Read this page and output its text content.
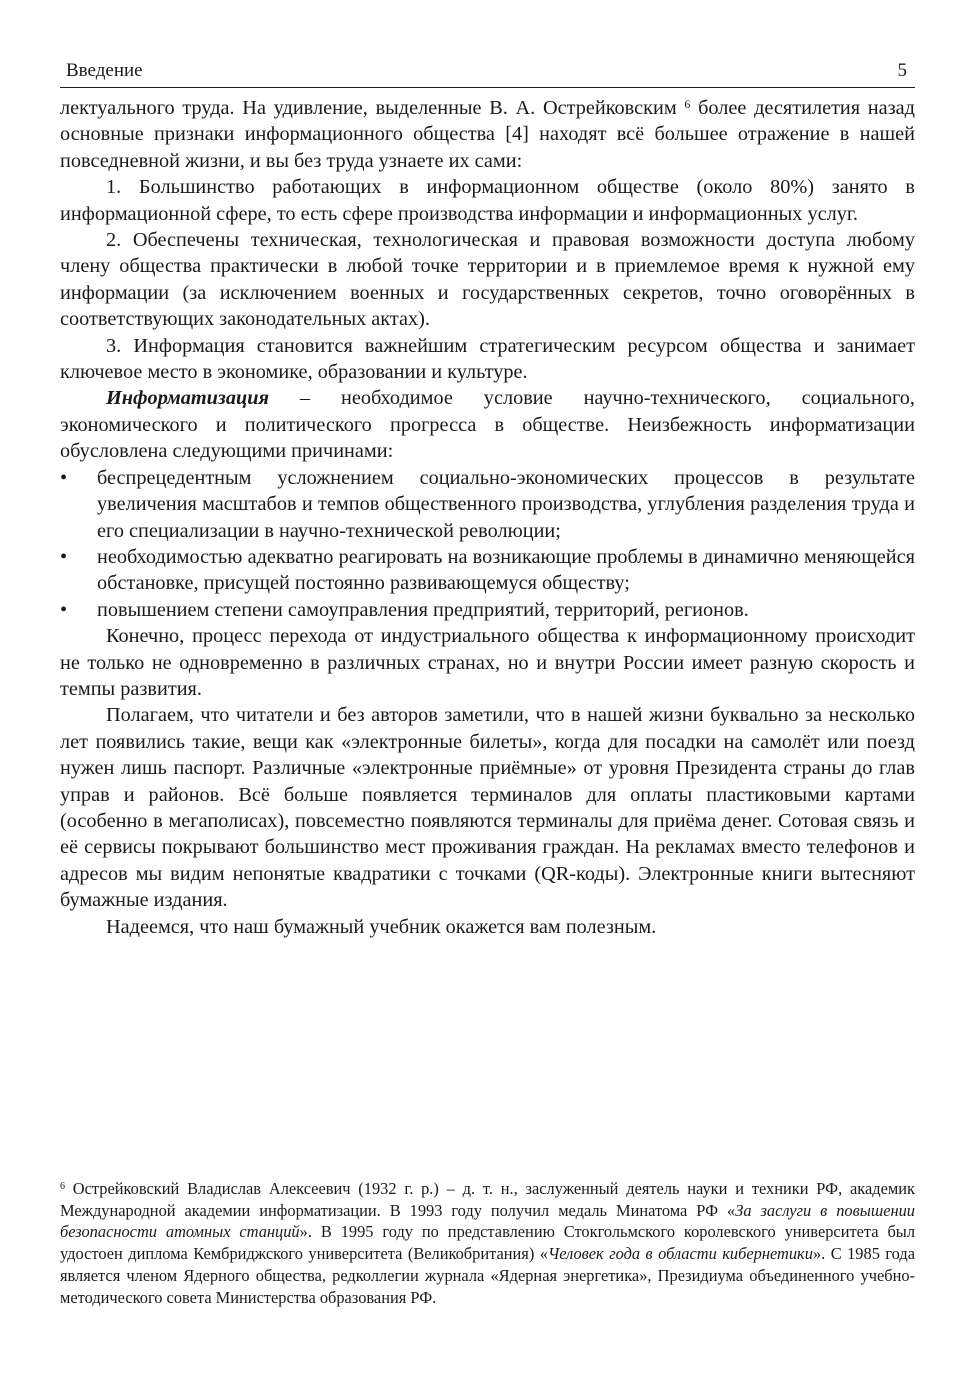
Введение	5

лектуального труда. На удивление, выделенные В. А. Острейковским $^6$ более десятилетия назад основные признаки информационного общества [4] находят всё большее отражение в нашей повседневной жизни, и вы без труда узнаете их сами:

1. Большинство работающих в информационном обществе (около 80%) занято в информационной сфере, то есть сфере производства информации и информационных услуг.

2. Обеспечены техническая, технологическая и правовая возможности доступа любому члену общества практически в любой точке территории и в приемлемое время к нужной ему информации (за исключением военных и государственных секретов, точно оговорённых в соответствующих законодательных актах).

3. Информация становится важнейшим стратегическим ресурсом общества и занимает ключевое место в экономике, образовании и культуре.

Информатизация – необходимое условие научно-технического, социального, экономического и политического прогресса в обществе. Неизбежность информатизации обусловлена следующими причинами:

• беспрецедентным усложнением социально-экономических процессов в результате увеличения масштабов и темпов общественного производства, углубления разделения труда и его специализации в научно-технической революции;
• необходимостью адекватно реагировать на возникающие проблемы в динамично меняющейся обстановке, присущей постоянно развивающемуся обществу;
• повышением степени самоуправления предприятий, территорий, регионов.

Конечно, процесс перехода от индустриального общества к информационному происходит не только не одновременно в различных странах, но и внутри России имеет разную скорость и темпы развития.

Полагаем, что читатели и без авторов заметили, что в нашей жизни буквально за несколько лет появились такие, вещи как «электронные билеты», когда для посадки на самолёт или поезд нужен лишь паспорт. Различные «электронные приёмные» от уровня Президента страны до глав управ и районов. Всё больше появляется терминалов для оплаты пластиковыми картами (особенно в мегаполисах), повсеместно появляются терминалы для приёма денег. Сотовая связь и её сервисы покрывают большинство мест проживания граждан. На рекламах вместо телефонов и адресов мы видим непонятые квадратики с точками (QR-коды). Электронные книги вытесняют бумажные издания.

Надеемся, что наш бумажный учебник окажется вам полезным.

$^6$ Острейковский Владислав Алексеевич (1932 г. р.) – д. т. н., заслуженный деятель науки и техники РФ, академик Международной академии информатизации. В 1993 году получил медаль Минатома РФ «За заслуги в повышении безопасности атомных станций». В 1995 году по представлению Стокгольмского королевского университета был удостоен диплома Кембриджского университета (Великобритания) «Человек года в области кибернетики». С 1985 года является членом Ядерного общества, редколлегии журнала «Ядерная энергетика», Президиума объединенного учебно-методического совета Министерства образования РФ.
